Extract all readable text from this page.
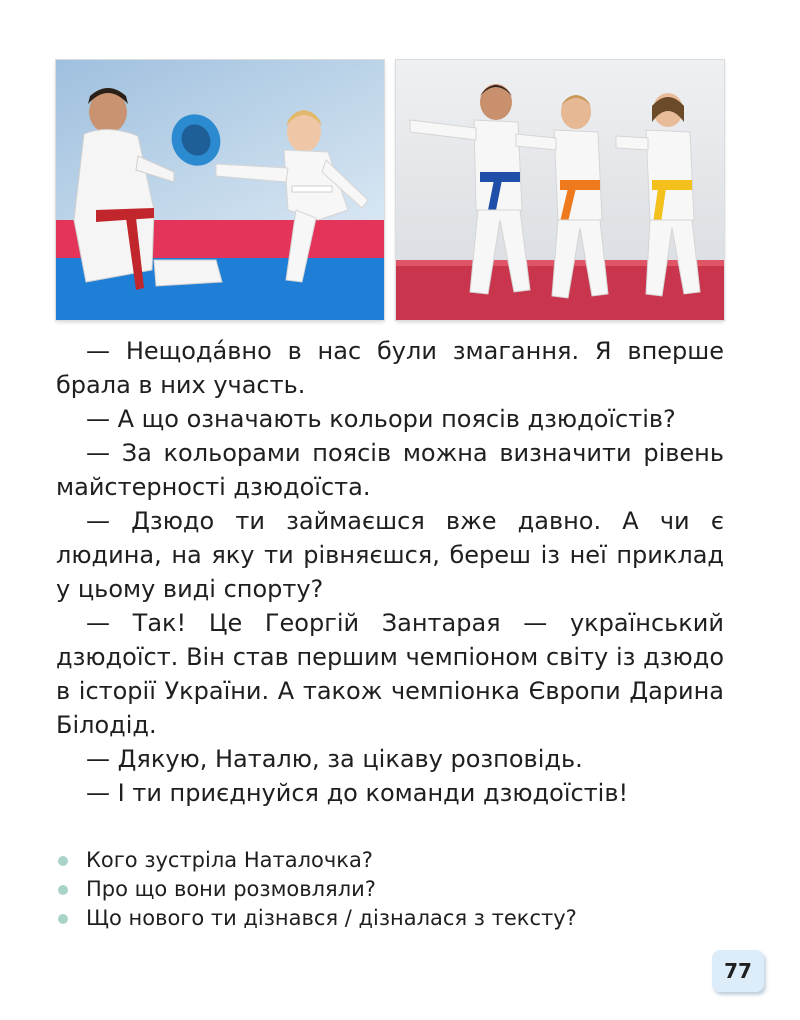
— Нещода́вно в нас були змагання. Я вперше брала в них участь.

— А що означають кольори поясів дзюдоїстів?

— За кольорами поясів можна визначити рівень майстерності дзюдоїста.

— Дзюдо ти займаєшся вже давно. А чи є людина, на яку ти рівняєшся, береш із неї приклад у цьому виді спорту?

— Так! Це Георгій Зантарая — український дзюдоїст. Він став першим чемпіоном світу із дзюдо в історії України. А також чемпіонка Європи Дарина Білодід.

— Дякую, Наталю, за цікаву розповідь.

— І ти приєднуйся до команди дзюдоїстів!

Кого зустріла Наталочка?
Про що вони розмовляли?
Що нового ти дізнався / дізналася з тексту?
77
